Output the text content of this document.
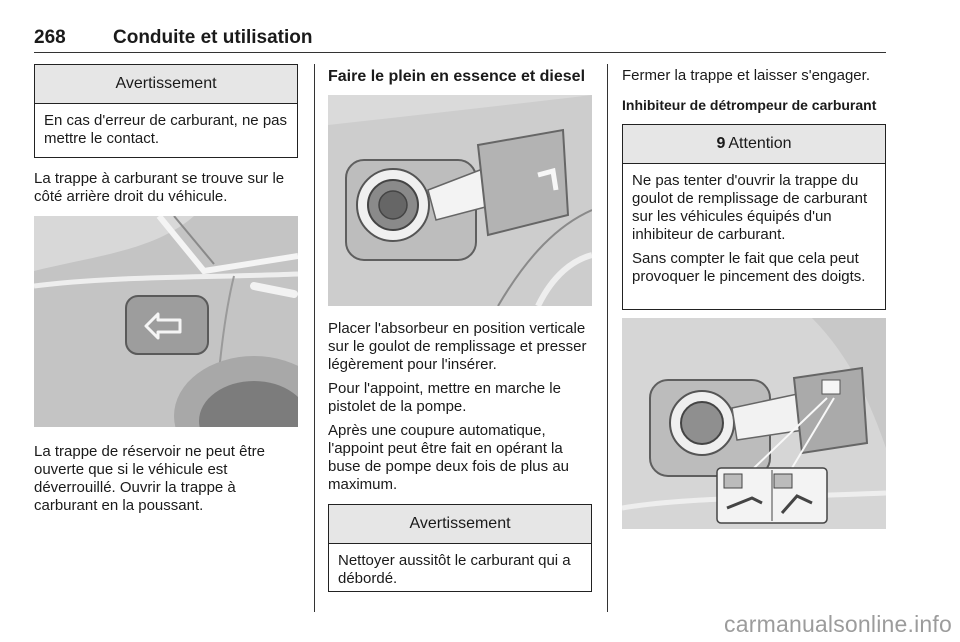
268	Conduite et utilisation
Avertissement

En cas d'erreur de carburant, ne pas mettre le contact.

La trappe à carburant se trouve sur le côté arrière droit du véhicule.

La trappe de réservoir ne peut être ouverte que si le véhicule est déverrouillé. Ouvrir la trappe à carburant en la poussant.

Faire le plein en essence et diesel

Placer l'absorbeur en position verticale sur le goulot de remplissage et presser légèrement pour l'insérer.

Pour l'appoint, mettre en marche le pistolet de la pompe.

Après une coupure automatique, l'appoint peut être fait en opérant la buse de pompe deux fois de plus au maximum.

Avertissement

Nettoyer aussitôt le carburant qui a débordé.

Fermer la trappe et laisser s'engager.

Inhibiteur de détrompeur de carburant
9 Attention

Ne pas tenter d'ouvrir la trappe du goulot de remplissage de carburant sur les véhicules équipés d'un inhibiteur de carburant.

Sans compter le fait que cela peut provoquer le pincement des doigts.

carmanualsonline.info
